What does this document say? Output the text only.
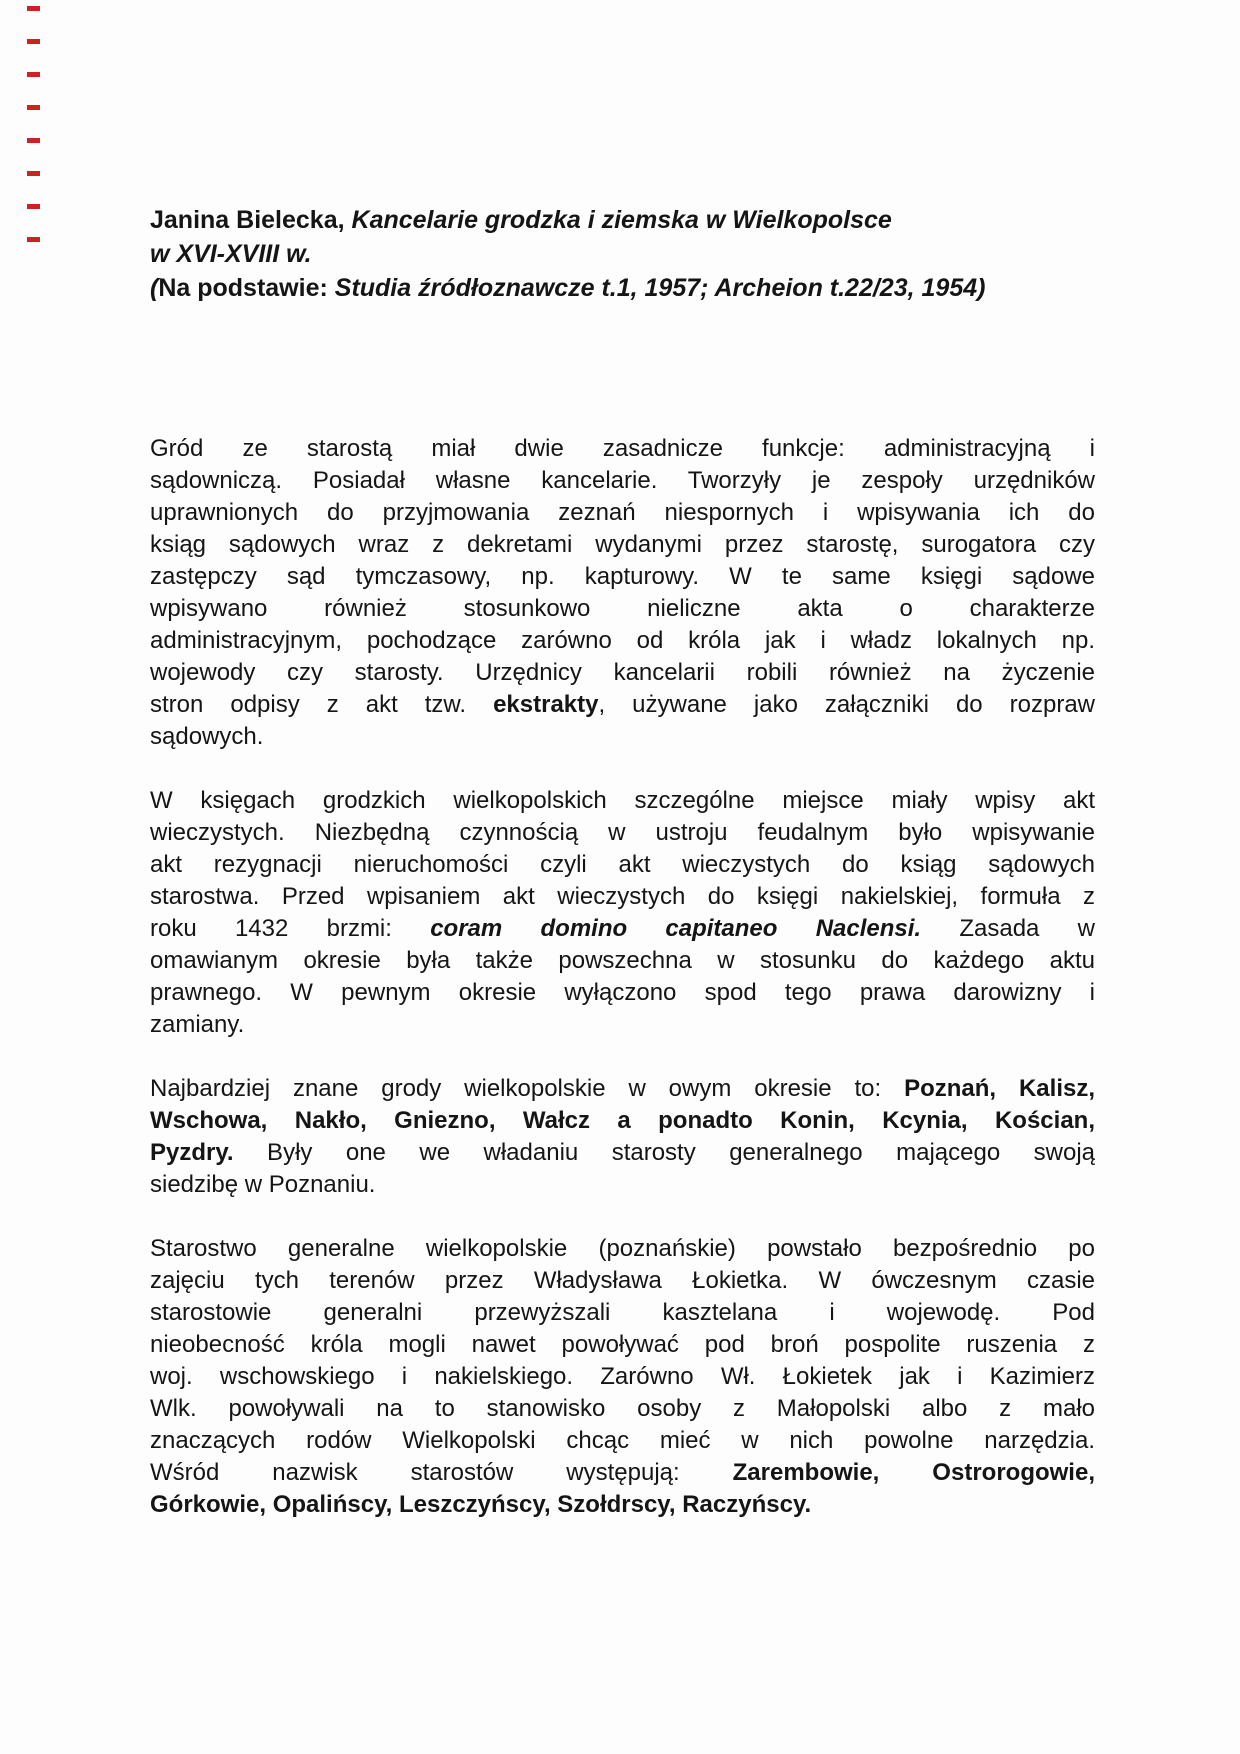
Janina Bielecka, Kancelarie grodzka i ziemska w Wielkopolsce
w XVI-XVIII w.
(Na podstawie: Studia źródłoznawcze t.1, 1957; Archeion t.22/23, 1954)
Gród ze starostą miał dwie zasadnicze funkcje: administracyjną i
sądowniczą. Posiadał własne kancelarie. Tworzyły je zespoły urzędników
uprawnionych do przyjmowania zeznań niespornych i wpisywania ich do
ksiąg sądowych wraz z dekretami wydanymi przez starostę, surogatora czy
zastępczy sąd tymczasowy, np. kapturowy. W te same księgi sądowe
wpisywano również stosunkowo nieliczne akta o charakterze
administracyjnym, pochodzące zarówno od króla jak i władz lokalnych np.
wojewody czy starosty. Urzędnicy kancelarii robili również na życzenie
stron odpisy z akt tzw. ekstrakty, używane jako załączniki do rozpraw
sądowych.
W księgach grodzkich wielkopolskich szczególne miejsce miały wpisy akt
wieczystych. Niezbędną czynnością w ustroju feudalnym było wpisywanie
akt rezygnacji nieruchomości czyli akt wieczystych do ksiąg sądowych
starostwa. Przed wpisaniem akt wieczystych do księgi nakielskiej, formuła z
roku 1432 brzmi: coram domino capitaneo Naclensi. Zasada w
omawianym okresie była także powszechna w stosunku do każdego aktu
prawnego. W pewnym okresie wyłączono spod tego prawa darowizny i
zamiany.
Najbardziej znane grody wielkopolskie w owym okresie to: Poznań, Kalisz,
Wschowa, Nakło, Gniezno, Wałcz a ponadto Konin, Kcynia, Kościan,
Pyzdry. Były one we władaniu starosty generalnego mającego swoją
siedzibę w Poznaniu.
Starostwo generalne wielkopolskie (poznańskie) powstało bezpośrednio po
zajęciu tych terenów przez Władysława Łokietka. W ówczesnym czasie
starostowie generalni przewyższali kasztelana i wojewodę. Pod
nieobecność króla mogli nawet powoływać pod broń pospolite ruszenia z
woj. wschowskiego i nakielskiego. Zarówno Wł. Łokietek jak i Kazimierz
Wlk. powoływali na to stanowisko osoby z Małopolski albo z mało
znaczących rodów Wielkopolski chcąc mieć w nich powolne narzędzia.
Wśród nazwisk starostów występują: Zarembowie, Ostrorogowie,
Górkowie, Opalińscy, Leszczyńscy, Szołdrscy, Raczyńscy.
